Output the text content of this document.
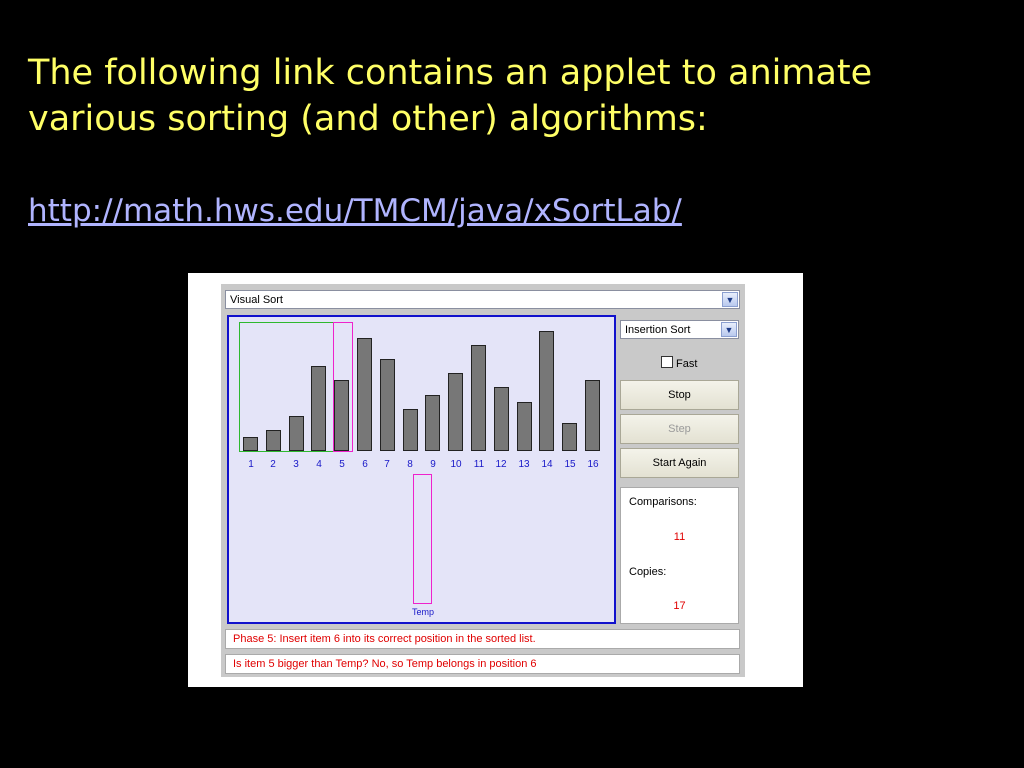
The following link contains an applet to animate various sorting (and other) algorithms:
http://math.hws.edu/TMCM/java/xSortLab/
Visual Sort	▼
1	2	3	4	5	6	7	8	9	10	11	12	13	14	15	16
Temp
Insertion Sort	▼
Fast
Stop
Step
Start Again
Comparisons:
11
Copies:
17
Phase 5: Insert item 6 into its correct position in the sorted list.
Is item 5 bigger than Temp? No, so Temp belongs in position 6
